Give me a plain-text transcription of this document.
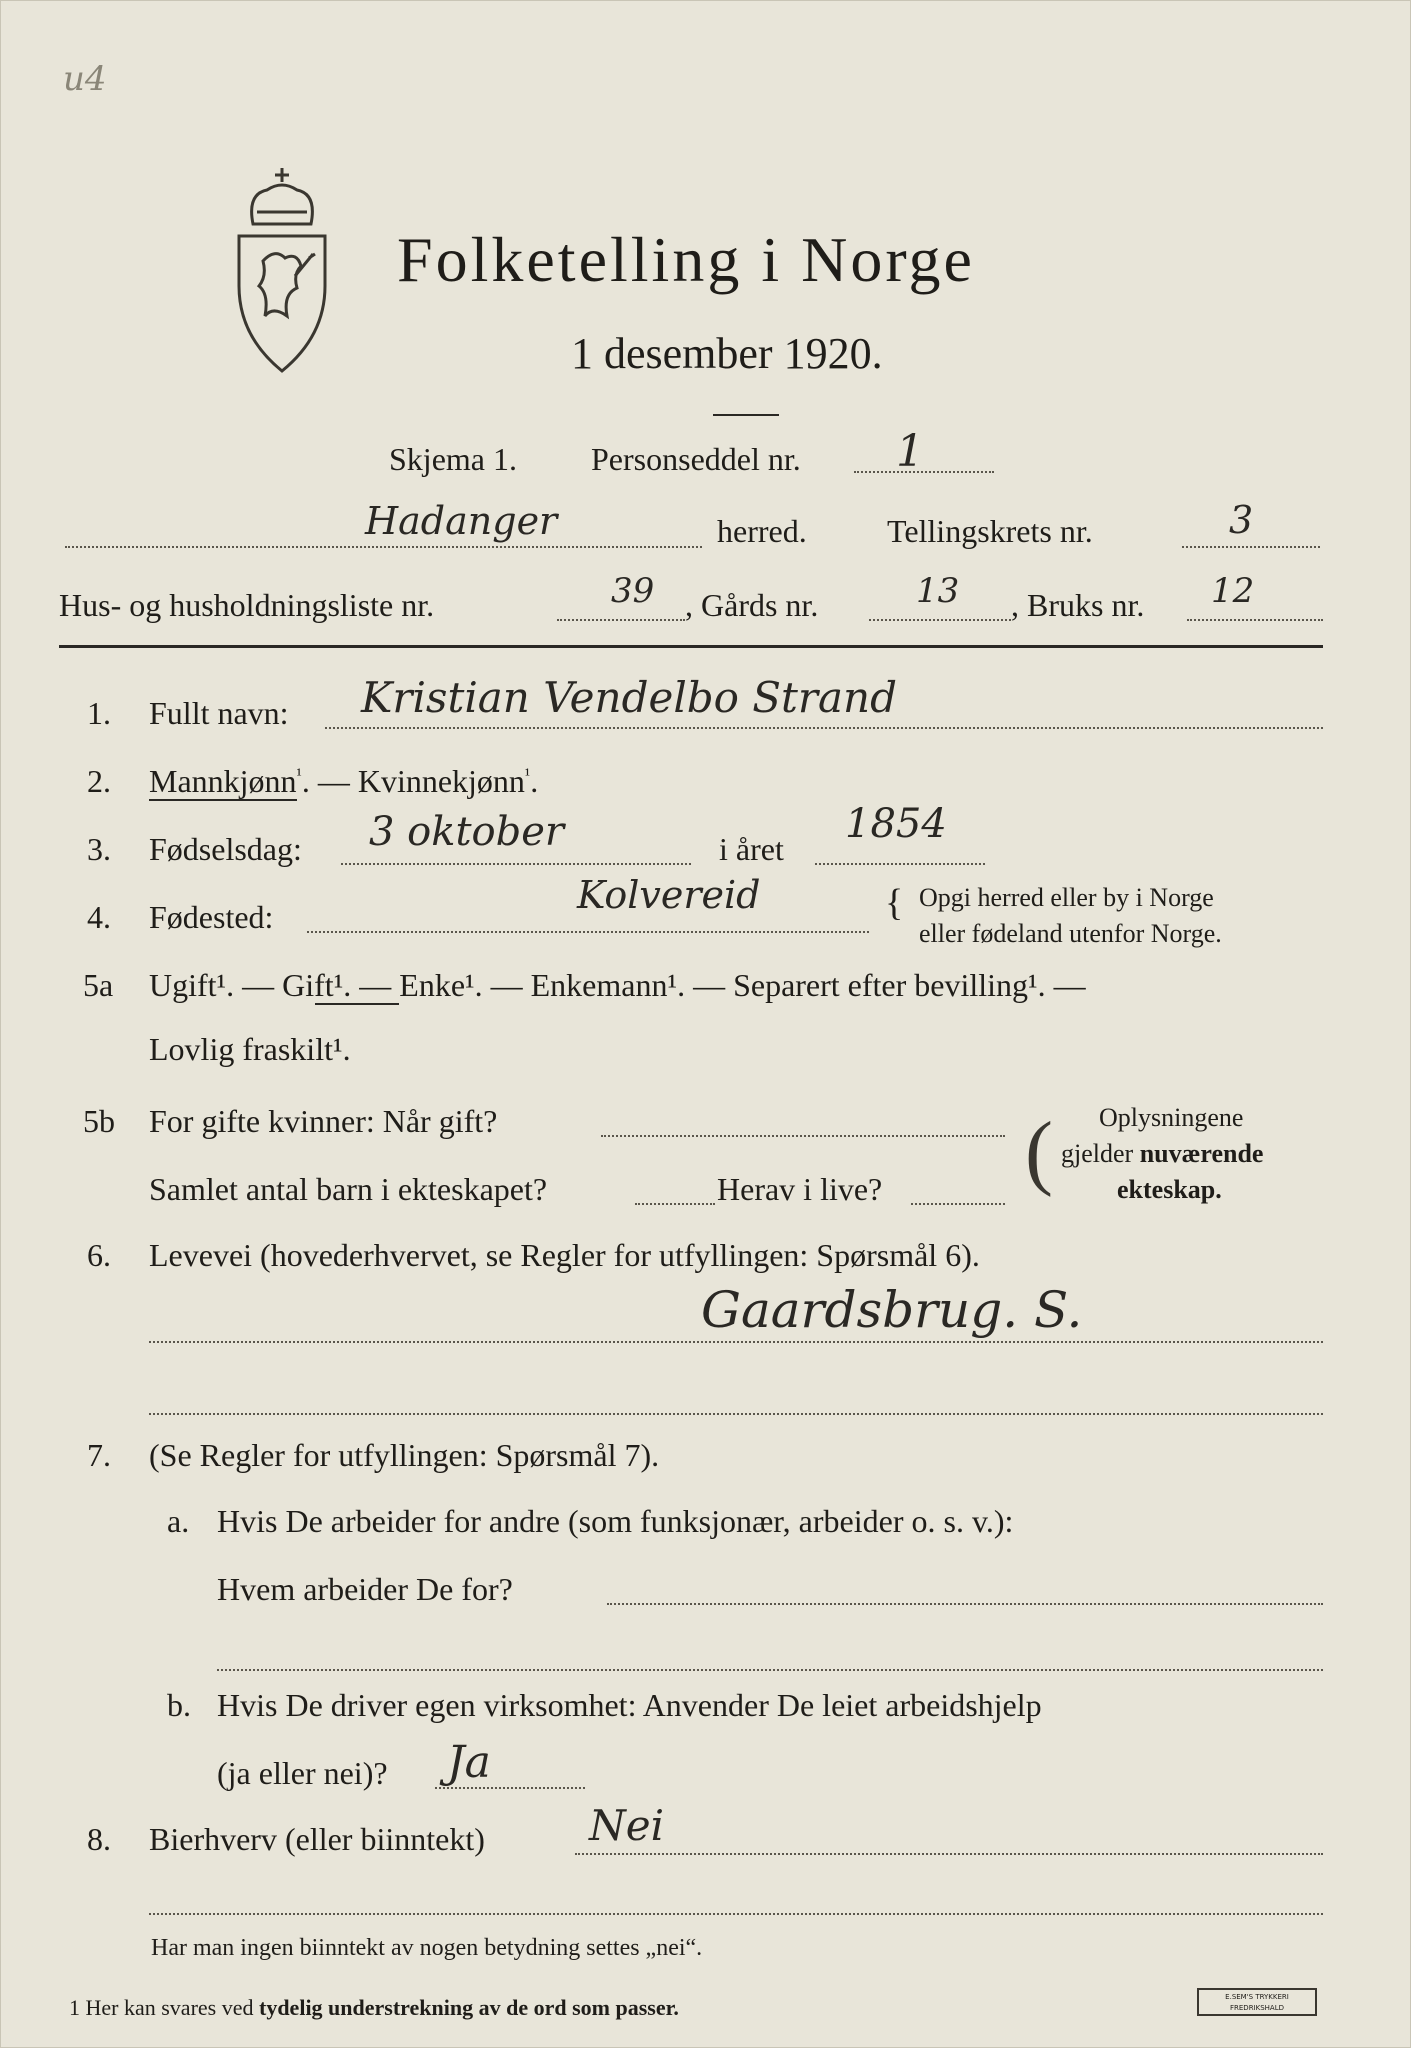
u4
Folketelling i Norge
1 desember 1920.
Skjema 1. Personseddel nr. 1
Hadanger	herred.	Tellingskrets nr.	3
Hus- og husholdningsliste nr.	39 , Gårds nr.	13 , Bruks nr. 12
1. Fullt navn: Kristian Vendelbo Strand
2. Mannkjønn$^{^1}$. — Kvinnekjønn$^{^1}$.
3. Fødselsdag: 3 oktober	i året
1854
4. Fødested:	Kolvereid	{ Opgi herred eller by i Norge
eller fødeland utenfor Norge.
5a Ugift¹. — Gift¹. — Enke¹. — Enkemann¹. — Separert efter bevilling¹. —
Lovlig fraskilt¹.
5b For gifte kvinner: Når gift?
Samlet antal barn i ekteskapet?	Herav i live? ( Oplysningene
gjelder nuværende
ekteskap.
6. Levevei (hovederhvervet, se Regler for utfyllingen: Spørsmål 6).
Gaardsbrug. S.
7. (Se Regler for utfyllingen: Spørsmål 7).
a. Hvis De arbeider for andre (som funksjonær, arbeider o. s. v.):
Hvem arbeider De for?
b. Hvis De driver egen virksomhet: Anvender De leiet arbeidshjelp
(ja eller nei)? Ja
8. Bierhverv (eller biinntekt) Nei
Har man ingen biinntekt av nogen betydning settes „nei“.
1 Her kan svares ved tydelig understrekning av de ord som passer.	E.SEM'S TRYKKERI
FREDRIKSHALD
